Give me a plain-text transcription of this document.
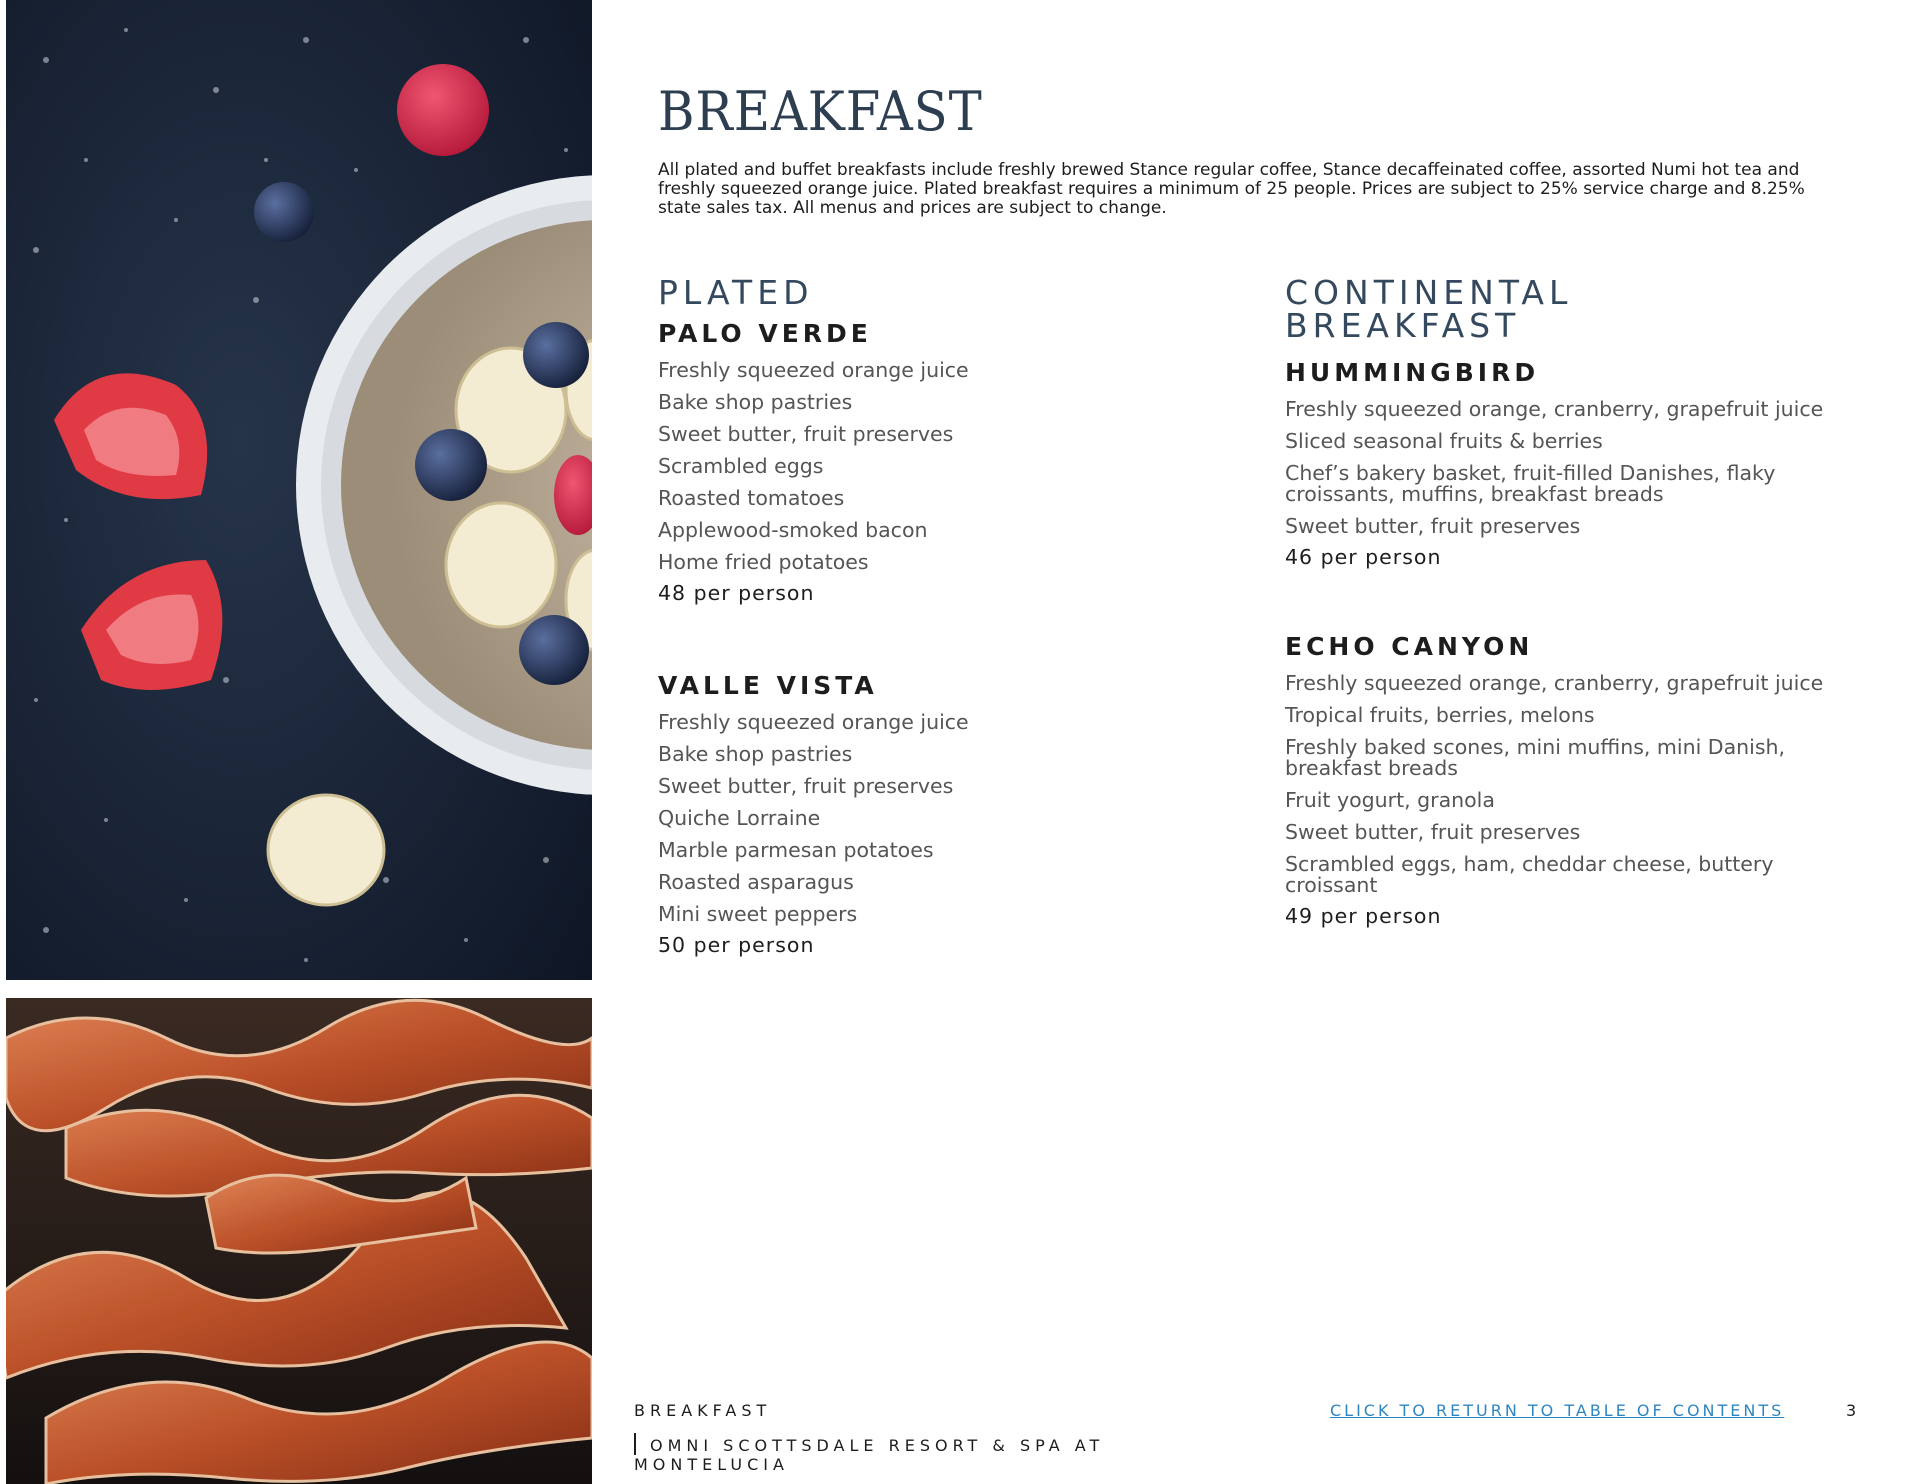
BREAKFAST

All plated and buffet breakfasts include freshly brewed Stance regular coffee, Stance decaffeinated coffee, assorted Numi hot tea and freshly squeezed orange juice. Plated breakfast requires a minimum of 25 people. Prices are subject to 25% service charge and 8.25% state sales tax. All menus and prices are subject to change.

PLATED
PALO VERDE
Freshly squeezed orange juice
Bake shop pastries
Sweet butter, fruit preserves
Scrambled eggs
Roasted tomatoes
Applewood-smoked bacon
Home fried potatoes

48 per person

VALLE VISTA
Freshly squeezed orange juice
Bake shop pastries
Sweet butter, fruit preserves
Quiche Lorraine
Marble parmesan potatoes
Roasted asparagus
Mini sweet peppers

50 per person

CONTINENTAL
BREAKFAST
HUMMINGBIRD
Freshly squeezed orange, cranberry, grapefruit juice
Sliced seasonal fruits & berries
Chef’s bakery basket, fruit-filled Danishes, flaky croissants, muffins, breakfast breads
Sweet butter, fruit preserves

46 per person

ECHO CANYON
Freshly squeezed orange, cranberry, grapefruit juice
Tropical fruits, berries, melons
Freshly baked scones, mini muffins, mini Danish, breakfast breads
Fruit yogurt, granola
Sweet butter, fruit preserves
Scrambled eggs, ham, cheddar cheese, buttery croissant

49 per person

BREAKFAST

OMNI SCOTTSDALE RESORT & SPA AT MONTELUCIA

CLICK TO RETURN TO TABLE OF CONTENTS	3
